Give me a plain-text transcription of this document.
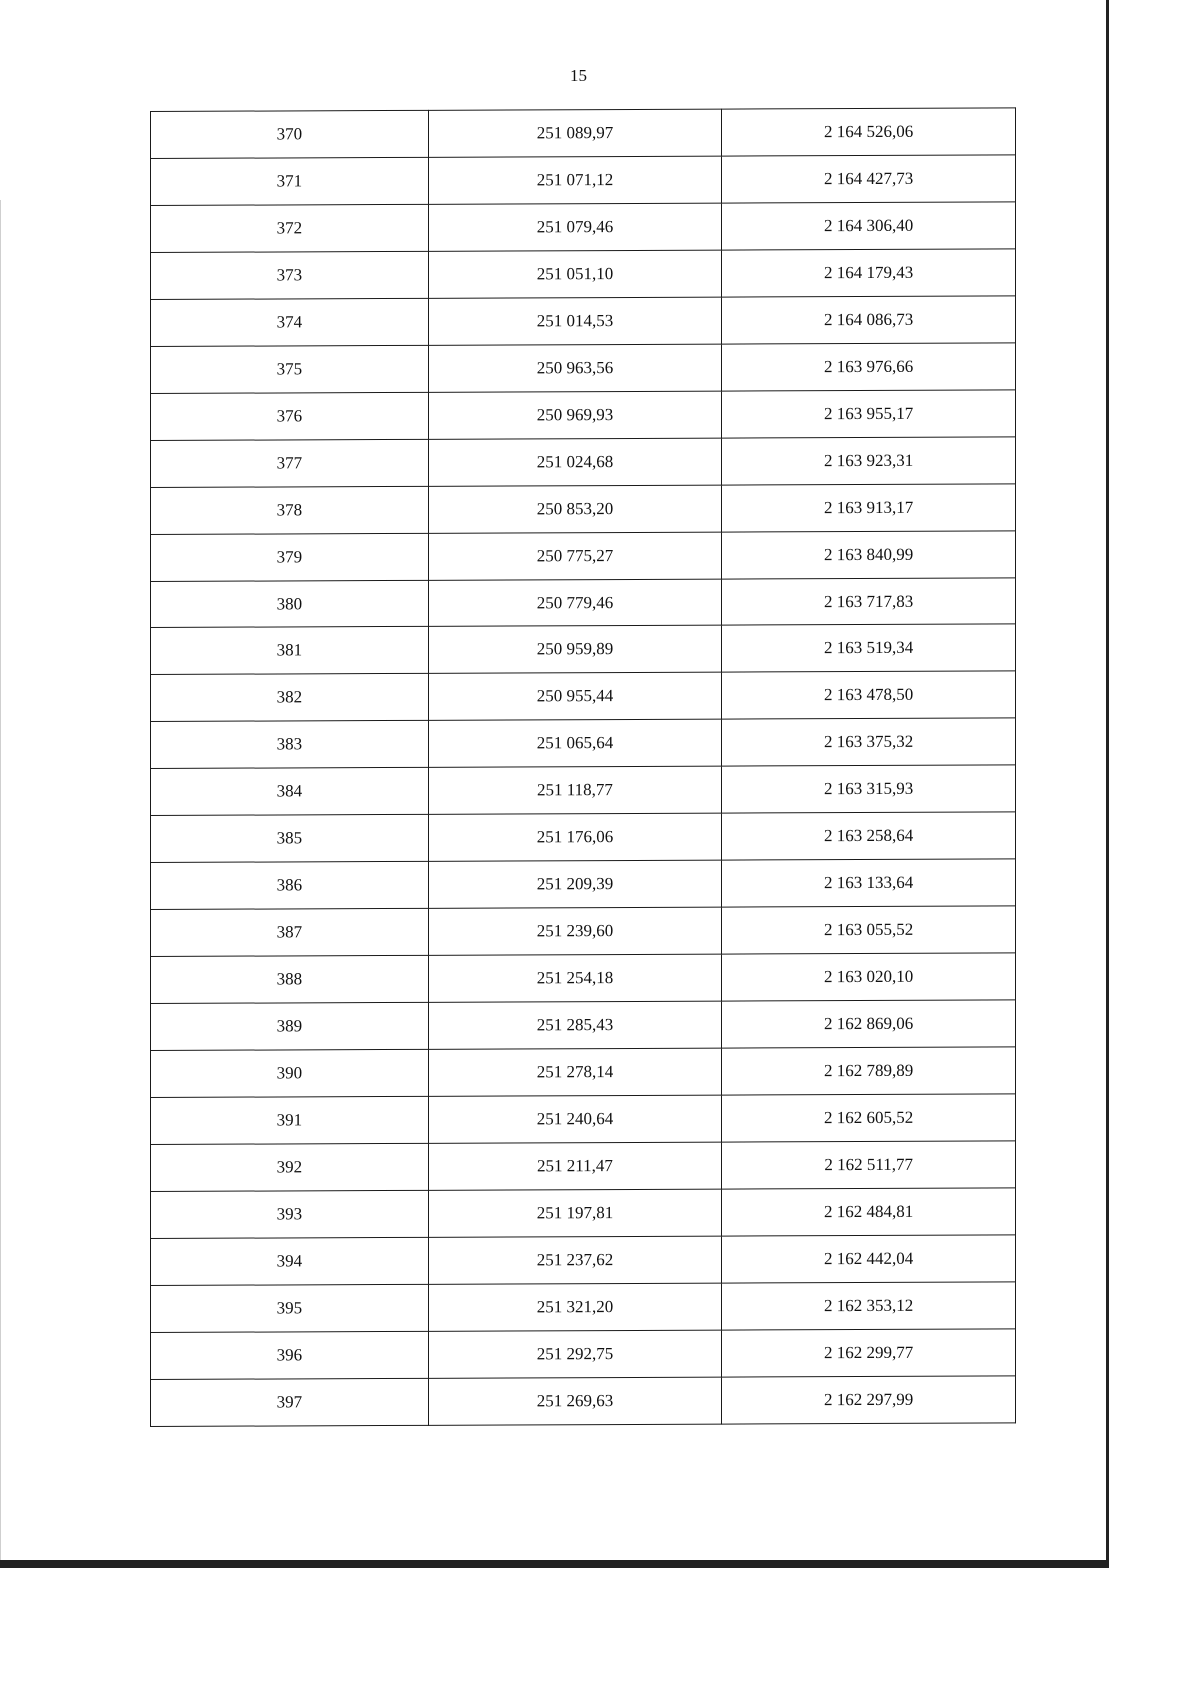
15
370	251 089,97	2 164 526,06
371	251 071,12	2 164 427,73
372	251 079,46	2 164 306,40
373	251 051,10	2 164 179,43
374	251 014,53	2 164 086,73
375	250 963,56	2 163 976,66
376	250 969,93	2 163 955,17
377	251 024,68	2 163 923,31
378	250 853,20	2 163 913,17
379	250 775,27	2 163 840,99
380	250 779,46	2 163 717,83
381	250 959,89	2 163 519,34
382	250 955,44	2 163 478,50
383	251 065,64	2 163 375,32
384	251 118,77	2 163 315,93
385	251 176,06	2 163 258,64
386	251 209,39	2 163 133,64
387	251 239,60	2 163 055,52
388	251 254,18	2 163 020,10
389	251 285,43	2 162 869,06
390	251 278,14	2 162 789,89
391	251 240,64	2 162 605,52
392	251 211,47	2 162 511,77
393	251 197,81	2 162 484,81
394	251 237,62	2 162 442,04
395	251 321,20	2 162 353,12
396	251 292,75	2 162 299,77
397	251 269,63	2 162 297,99
